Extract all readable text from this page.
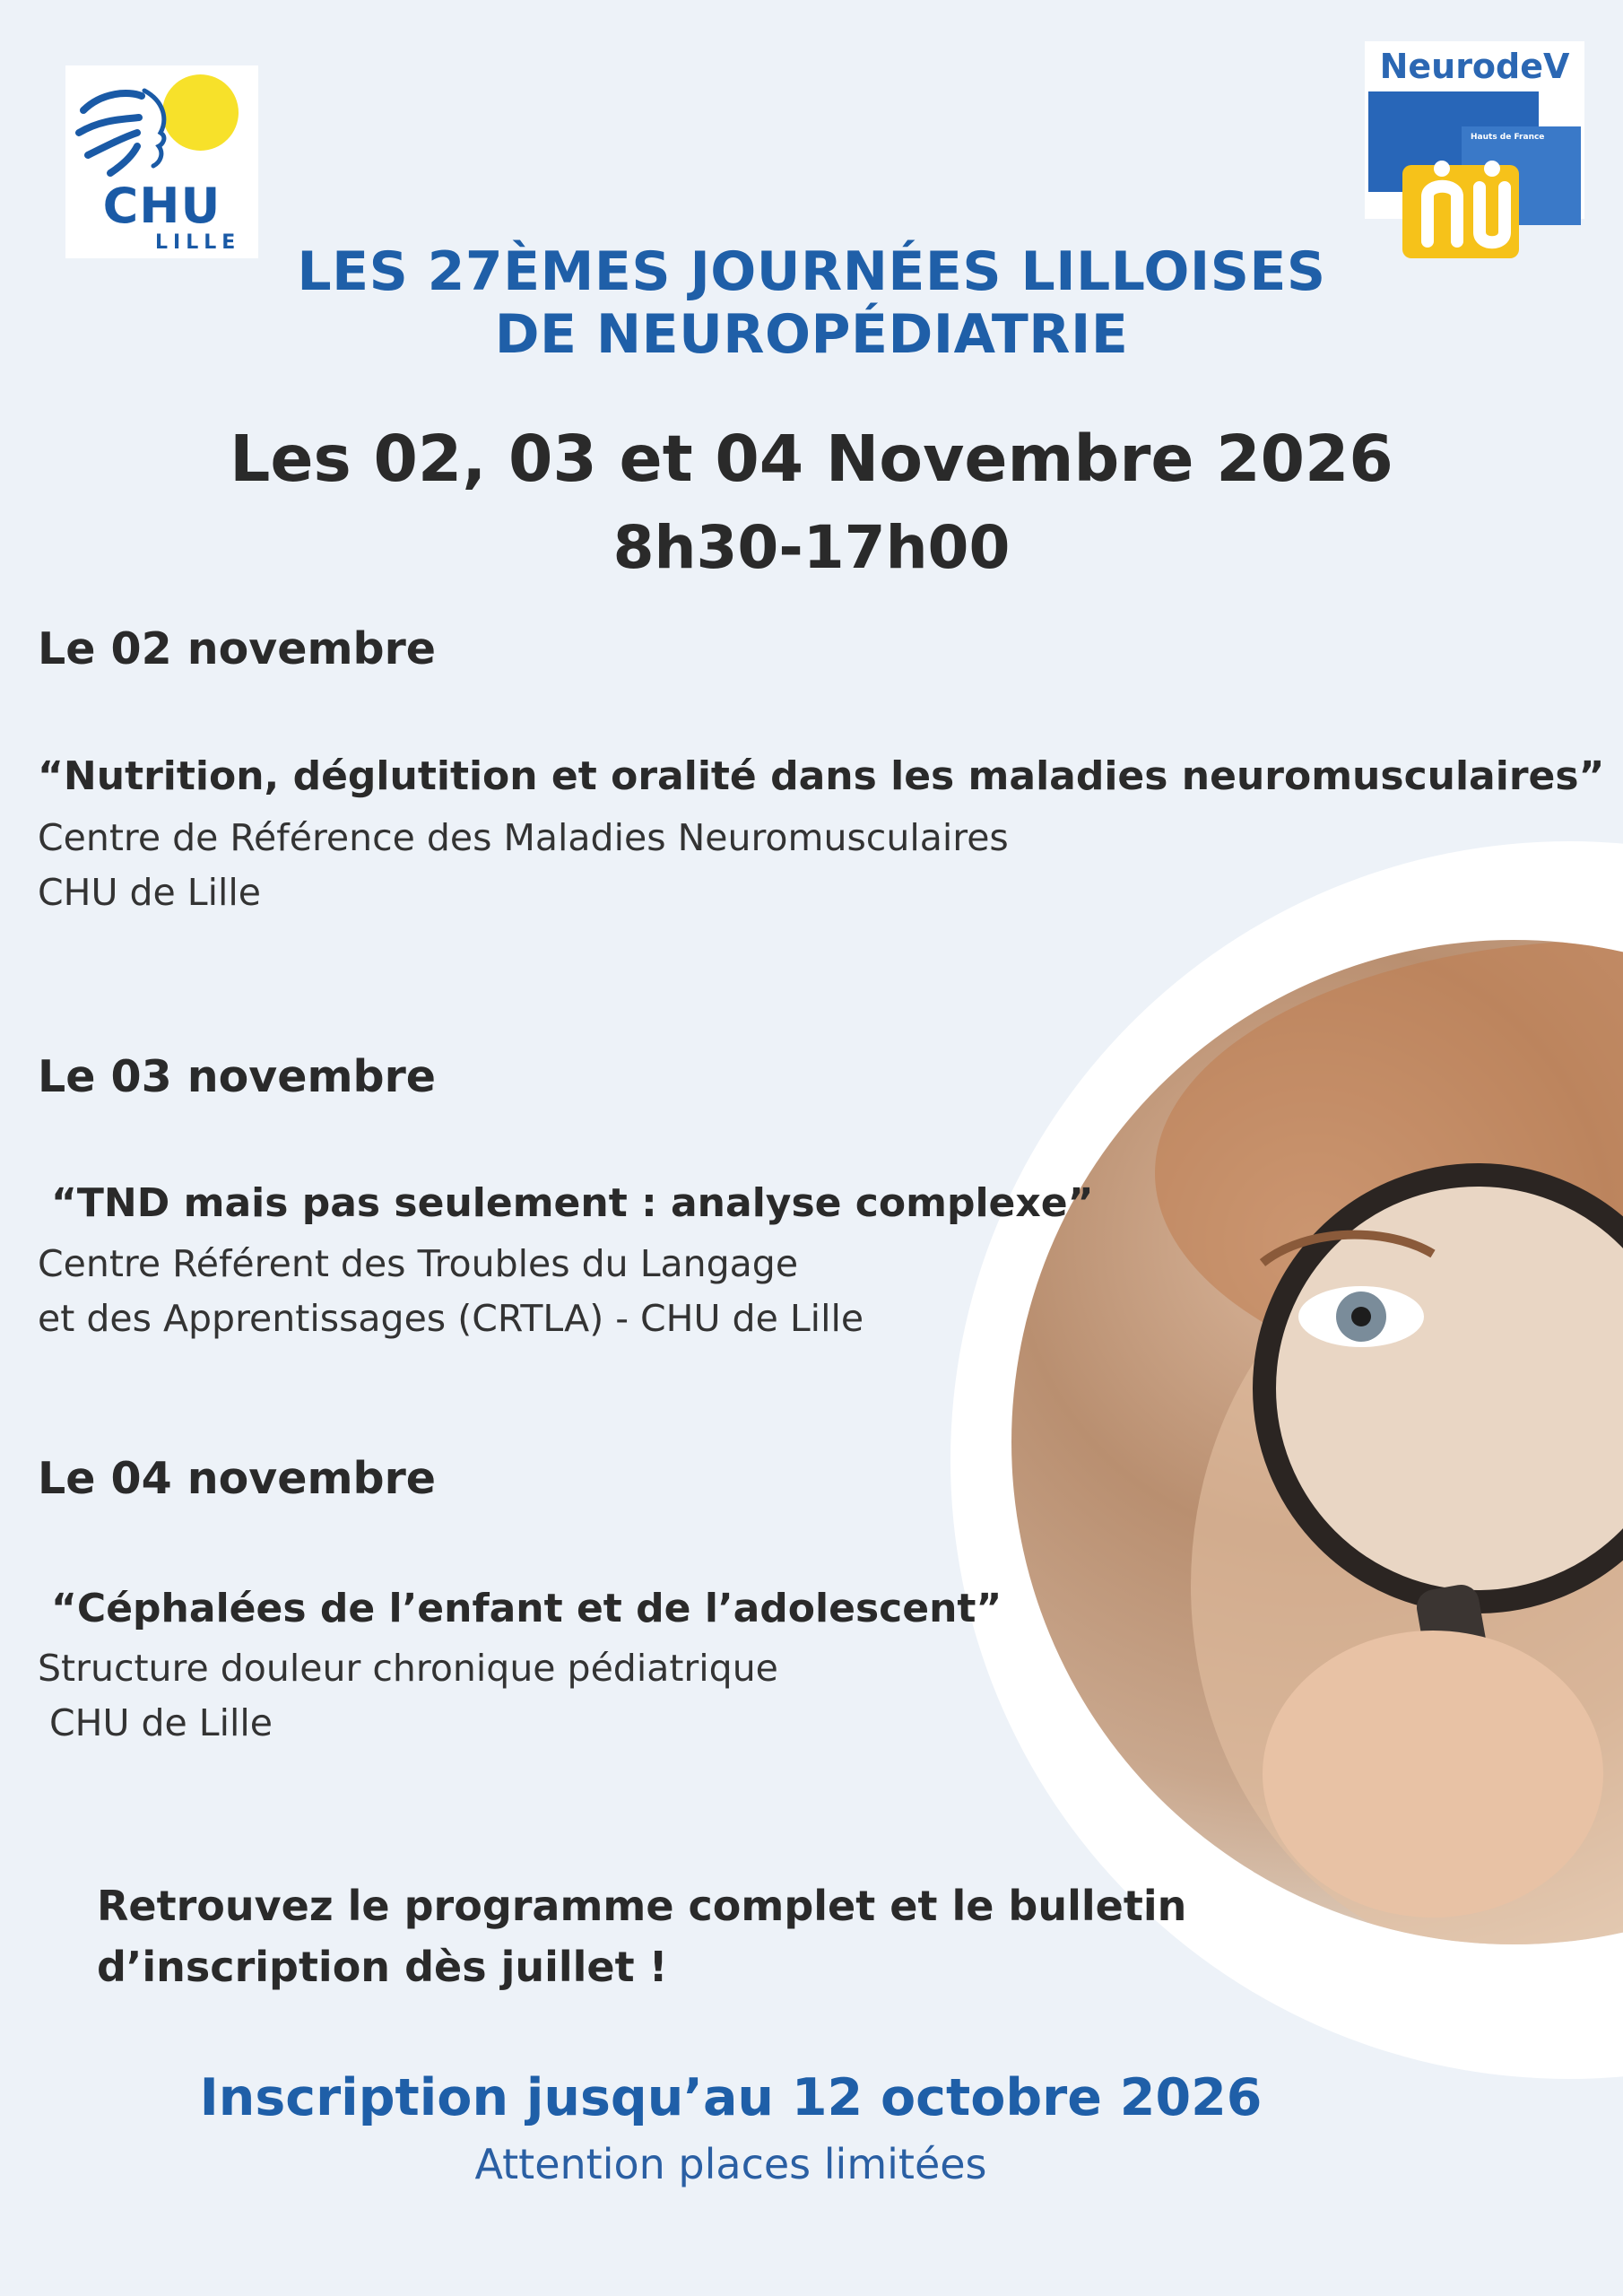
CHU
LILLE
NeurodeV
Hauts de France
LES 27ÈMES JOURNÉES LILLOISES
DE NEUROPÉDIATRIE
Les 02, 03 et 04 Novembre 2026
8h30-17h00
Le 02 novembre
“Nutrition, déglutition et oralité dans les maladies neuromusculaires”
Centre de Référence des Maladies Neuromusculaires
CHU de Lille
Le 03 novembre
“TND mais pas seulement : analyse complexe”
Centre Référent des Troubles du Langage
et des Apprentissages (CRTLA) - CHU de Lille
Le 04 novembre
“Céphalées de l’enfant et de l’adolescent”
Structure douleur chronique pédiatrique
CHU de Lille
Retrouvez le programme complet et le bulletin
d’inscription dès juillet !
Inscription jusqu’au 12 octobre 2026
Attention places limitées
